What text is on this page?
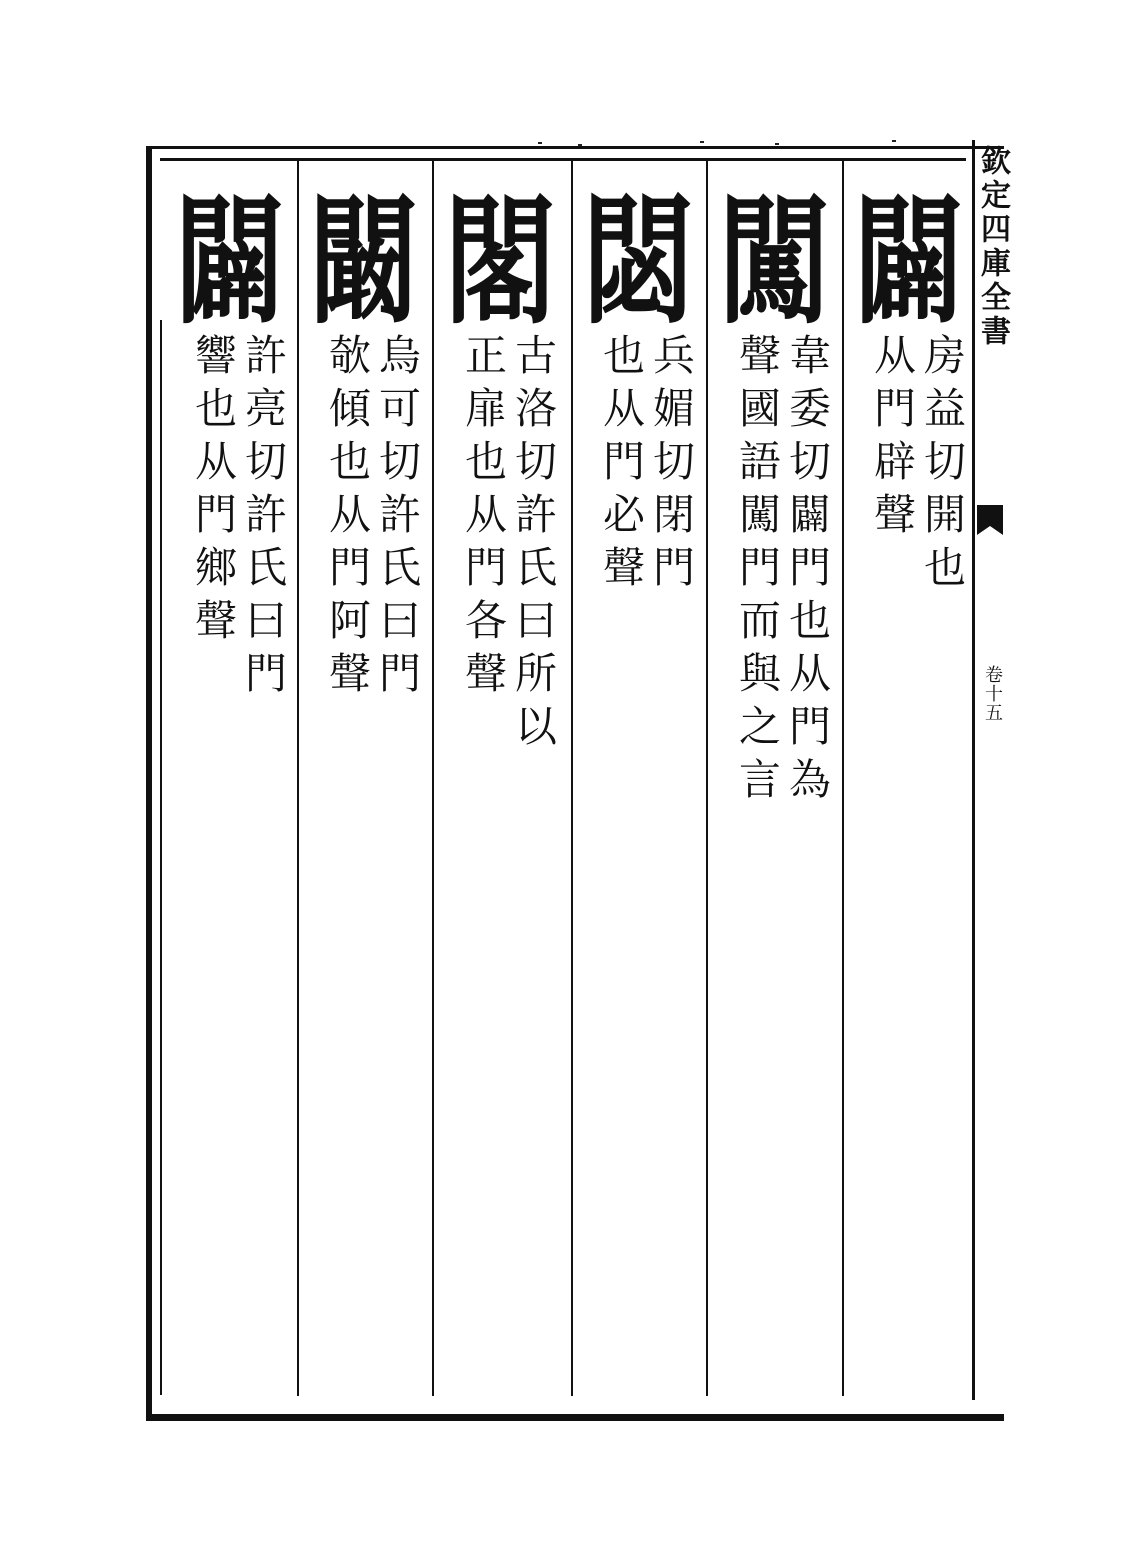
欽定四庫全書
卷十五
闢
房益切開也
从門辟聲
闖
韋委切闢門也从門為
聲國語闖門而與之言
閟
兵媚切閉門
也从門必聲
閣
古洛切許氏曰所以
正扉也从門各聲
闞
烏可切許氏曰門
欹傾也从門阿聲
闢
許亮切許氏曰門
響也从門鄉聲
